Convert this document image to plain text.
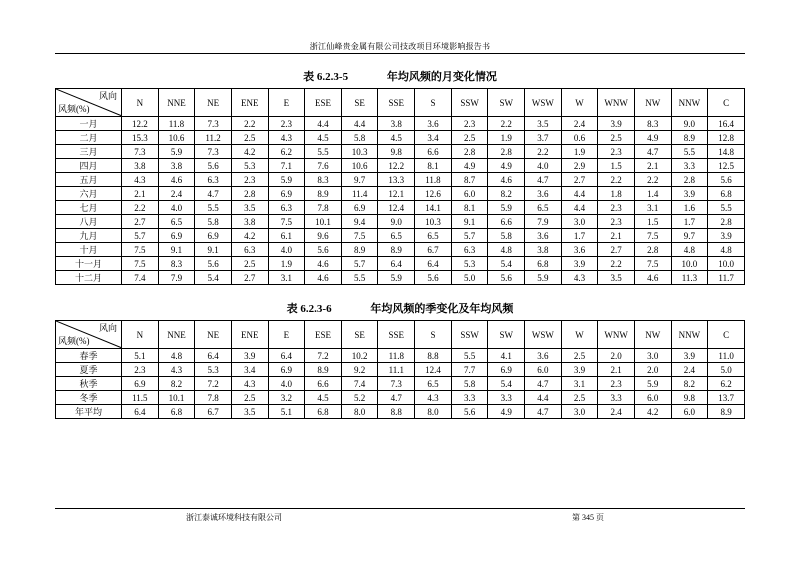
浙江仙峰贵金属有限公司技改项目环境影响报告书
表 6.2.3-5	年均风频的月变化情况
风向
风频(%)	N	NNE	NE	ENE	E	ESE	SE	SSE	S	SSW	SW	WSW	W	WNW	NW	NNW	C
一月	12.2	11.8	7.3	2.2	2.3	4.4	4.4	3.8	3.6	2.3	2.2	3.5	2.4	3.9	8.3	9.0	16.4
二月	15.3	10.6	11.2	2.5	4.3	4.5	5.8	4.5	3.4	2.5	1.9	3.7	0.6	2.5	4.9	8.9	12.8
三月	7.3	5.9	7.3	4.2	6.2	5.5	10.3	9.8	6.6	2.8	2.8	2.2	1.9	2.3	4.7	5.5	14.8
四月	3.8	3.8	5.6	5.3	7.1	7.6	10.6	12.2	8.1	4.9	4.9	4.0	2.9	1.5	2.1	3.3	12.5
五月	4.3	4.6	6.3	2.3	5.9	8.3	9.7	13.3	11.8	8.7	4.6	4.7	2.7	2.2	2.2	2.8	5.6
六月	2.1	2.4	4.7	2.8	6.9	8.9	11.4	12.1	12.6	6.0	8.2	3.6	4.4	1.8	1.4	3.9	6.8
七月	2.2	4.0	5.5	3.5	6.3	7.8	6.9	12.4	14.1	8.1	5.9	6.5	4.4	2.3	3.1	1.6	5.5
八月	2.7	6.5	5.8	3.8	7.5	10.1	9.4	9.0	10.3	9.1	6.6	7.9	3.0	2.3	1.5	1.7	2.8
九月	5.7	6.9	6.9	4.2	6.1	9.6	7.5	6.5	6.5	5.7	5.8	3.6	1.7	2.1	7.5	9.7	3.9
十月	7.5	9.1	9.1	6.3	4.0	5.6	8.9	8.9	6.7	6.3	4.8	3.8	3.6	2.7	2.8	4.8	4.8
十一月	7.5	8.3	5.6	2.5	1.9	4.6	5.7	6.4	6.4	5.3	5.4	6.8	3.9	2.2	7.5	10.0	10.0
十二月	7.4	7.9	5.4	2.7	3.1	4.6	5.5	5.9	5.6	5.0	5.6	5.9	4.3	3.5	4.6	11.3	11.7
表 6.2.3-6	年均风频的季变化及年均风频
风向
风频(%)	N	NNE	NE	ENE	E	ESE	SE	SSE	S	SSW	SW	WSW	W	WNW	NW	NNW	C
春季	5.1	4.8	6.4	3.9	6.4	7.2	10.2	11.8	8.8	5.5	4.1	3.6	2.5	2.0	3.0	3.9	11.0
夏季	2.3	4.3	5.3	3.4	6.9	8.9	9.2	11.1	12.4	7.7	6.9	6.0	3.9	2.1	2.0	2.4	5.0
秋季	6.9	8.2	7.2	4.3	4.0	6.6	7.4	7.3	6.5	5.8	5.4	4.7	3.1	2.3	5.9	8.2	6.2
冬季	11.5	10.1	7.8	2.5	3.2	4.5	5.2	4.7	4.3	3.3	3.3	4.4	2.5	3.3	6.0	9.8	13.7
年平均	6.4	6.8	6.7	3.5	5.1	6.8	8.0	8.8	8.0	5.6	4.9	4.7	3.0	2.4	4.2	6.0	8.9
浙江泰诚环境科技有限公司	第 345 页
